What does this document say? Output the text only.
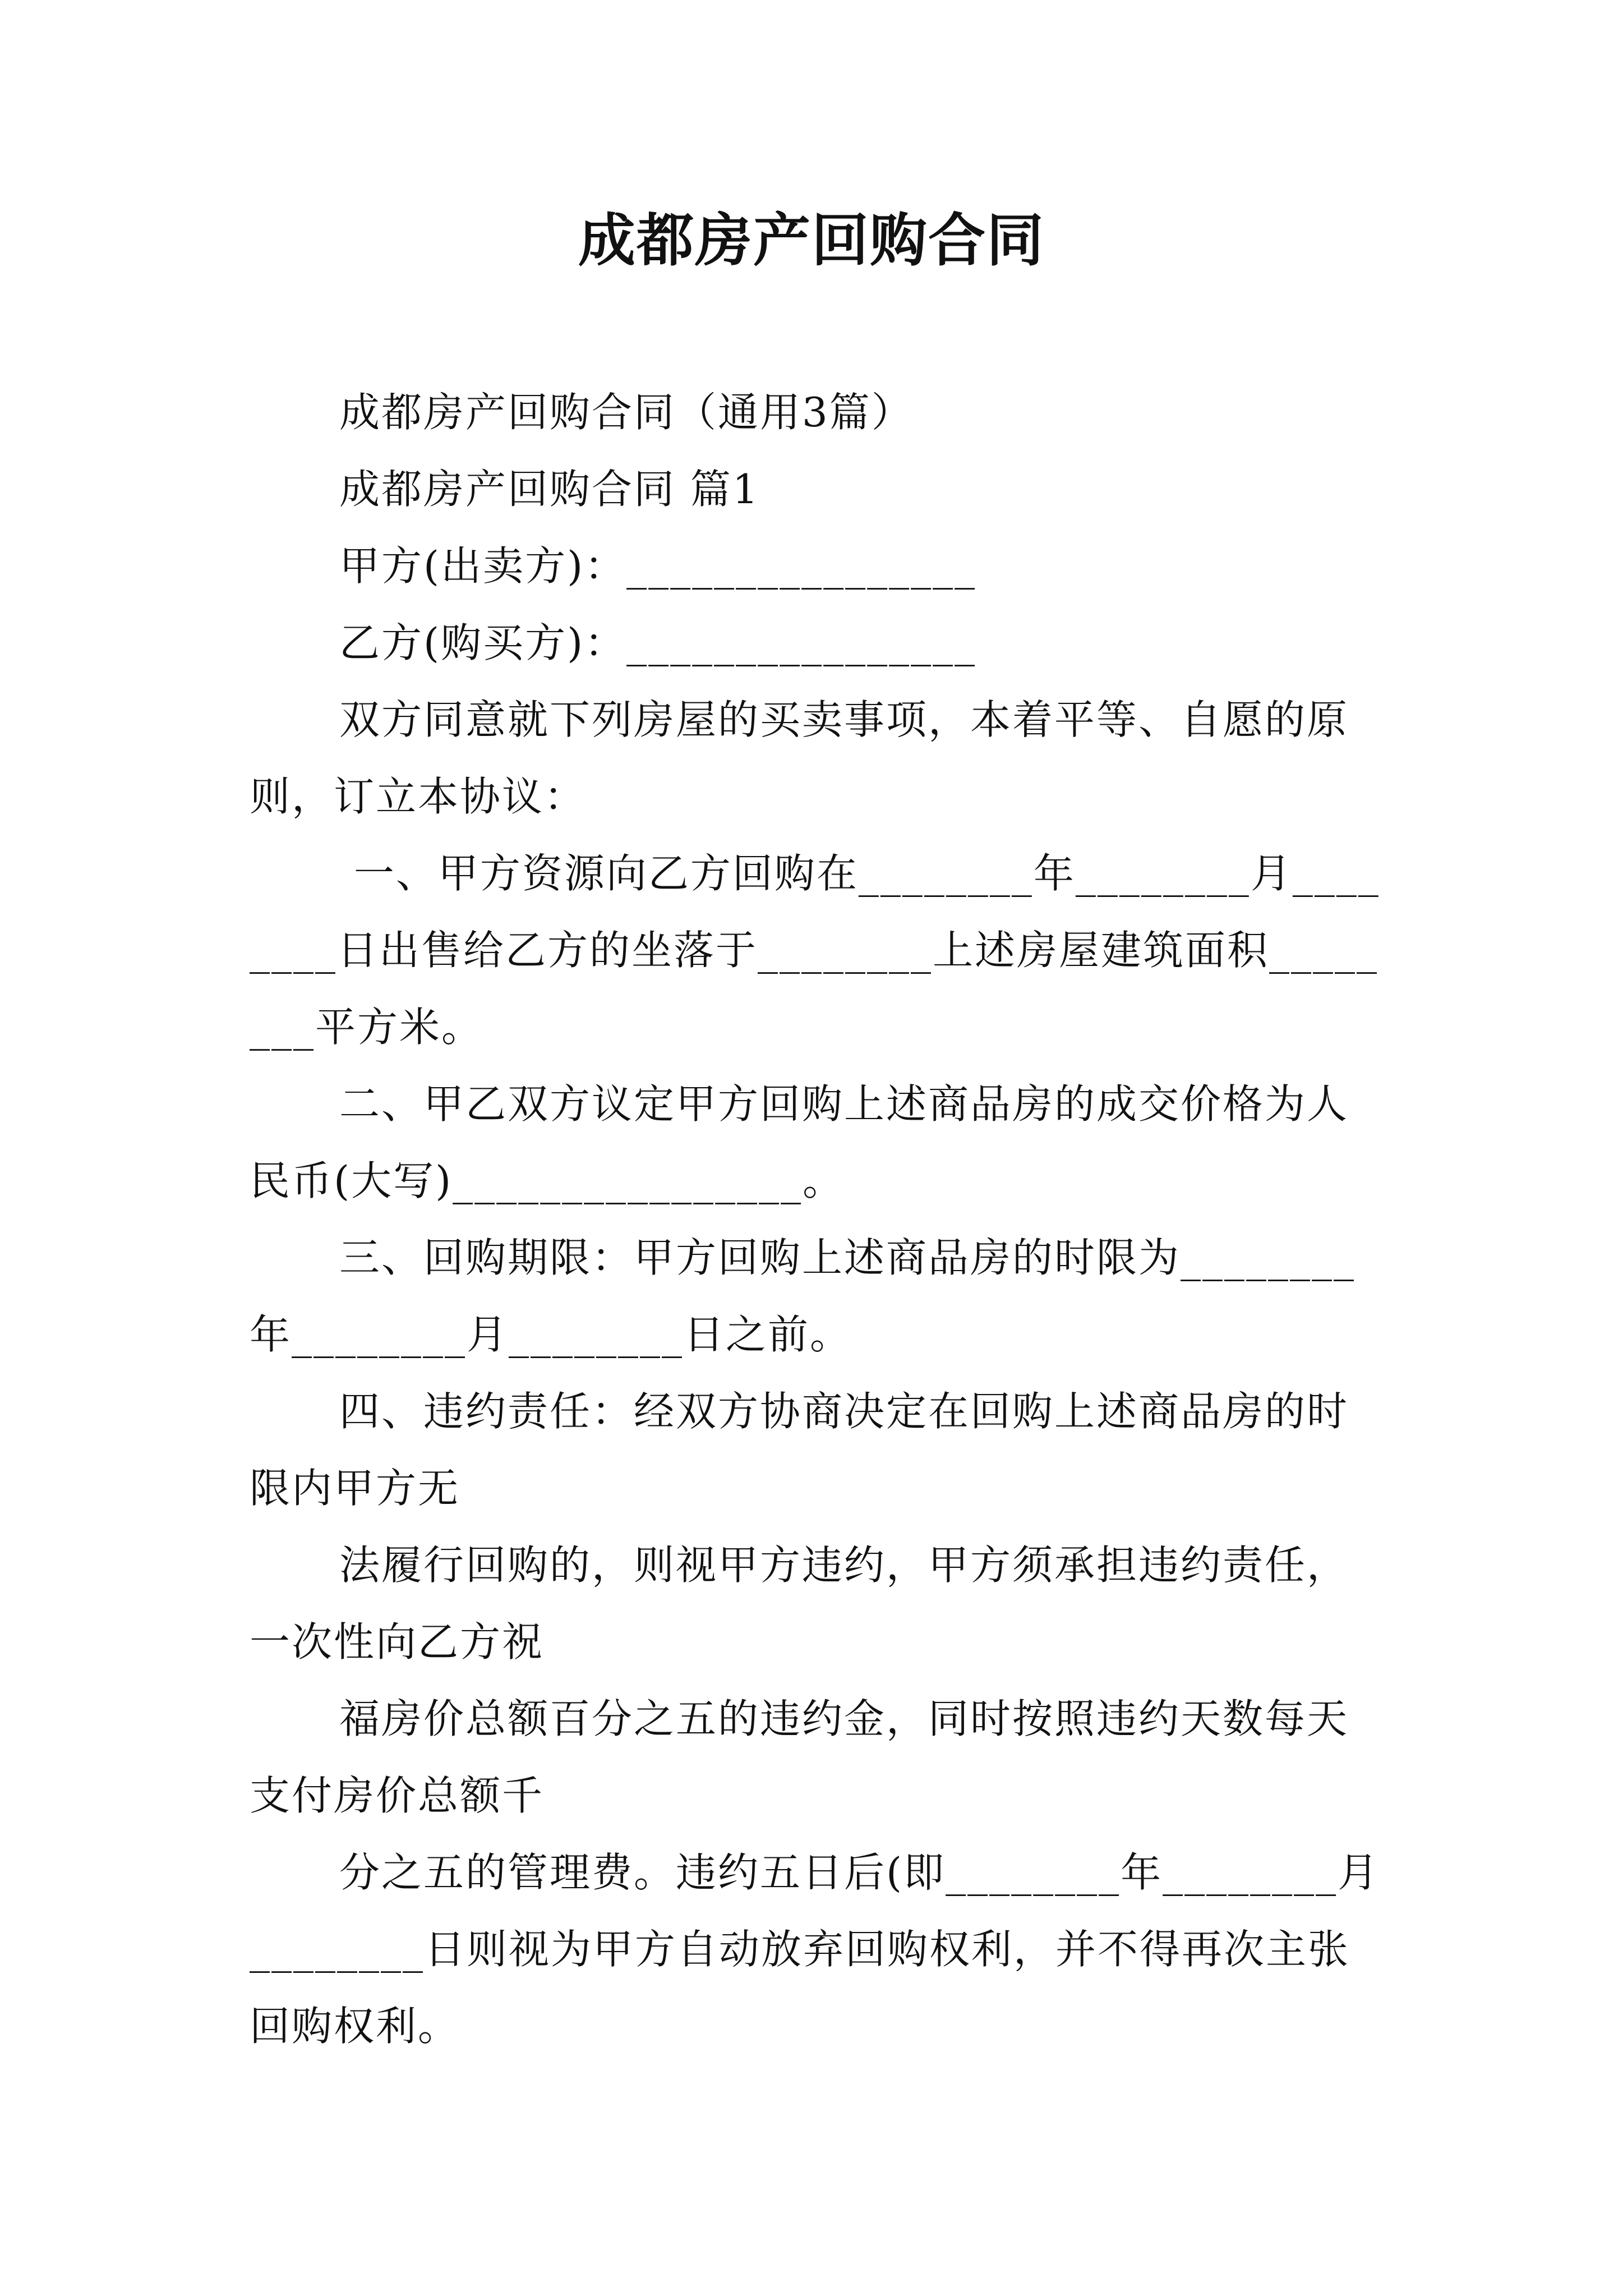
成都房产回购合同

成都房产回购合同（通用3篇）

成都房产回购合同 篇1

甲方(出卖方)：________________

乙方(购买方)：________________

双方同意就下列房屋的买卖事项，本着平等、自愿的原则，订立本协议：

一、甲方资源向乙方回购在________年________月________日出售给乙方的坐落于________上述房屋建筑面积________平方米。

二、甲乙双方议定甲方回购上述商品房的成交价格为人民币(大写)________________。

三、回购期限：甲方回购上述商品房的时限为________年________月________日之前。

四、违约责任：经双方协商决定在回购上述商品房的时限内甲方无

法履行回购的，则视甲方违约，甲方须承担违约责任，一次性向乙方祝

福房价总额百分之五的违约金，同时按照违约天数每天支付房价总额千

分之五的管理费。违约五日后(即________年________月________日则视为甲方自动放弃回购权利，并不得再次主张回购权利。
